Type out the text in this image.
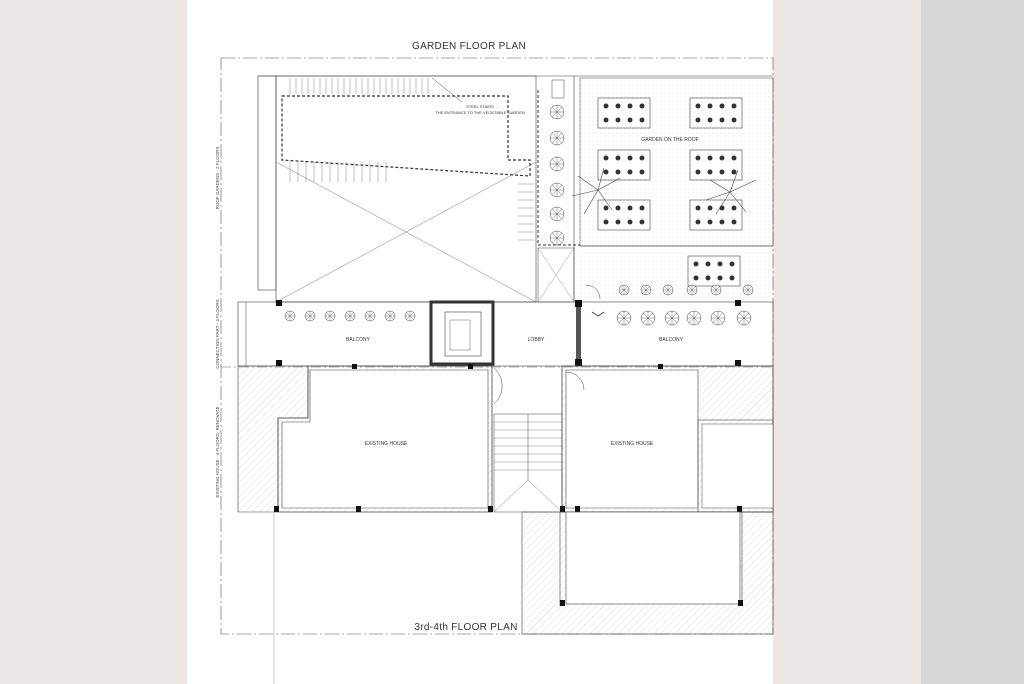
GARDEN FLOOR PLAN
3rd-4th FLOOR PLAN
ROOF GARDENS - 2 FLOORS
CONNECTION PART - 4 FLOORS
EXISTING HOUSE - 4 FLOORS- RENOVATE
GARDEN ON THE ROOF
BALCONY	LOBBY	BALCONY
EXISTING HOUSE	EXISTING HOUSE
STEEL STAIRS
THE ENTRANCE TO THE VEGETABLE GARDEN
